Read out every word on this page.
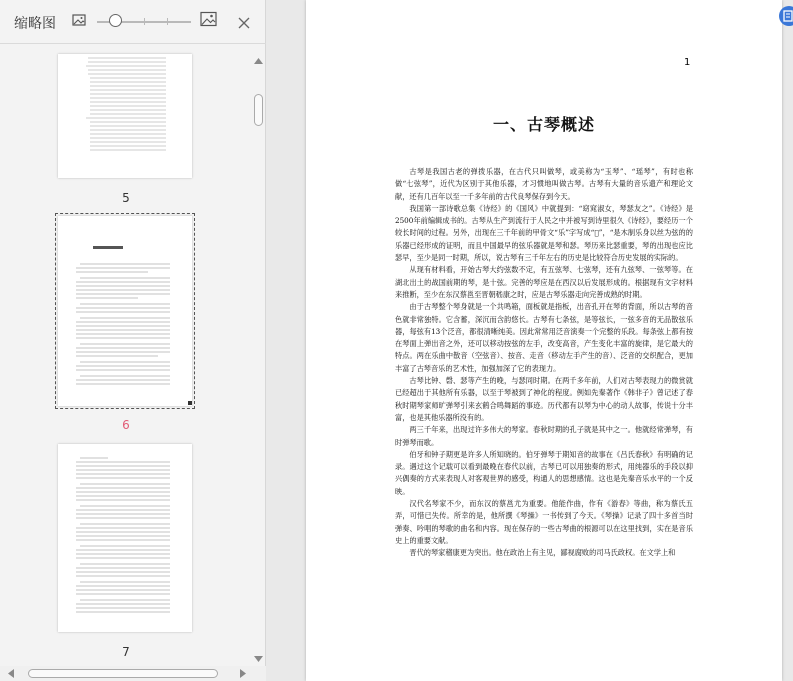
缩略图
5
6
7
1
一、古琴概述

古琴是我国古老的弹拨乐器，在古代只叫做琴，或美称为“玉琴”、“瑶琴”，有时也称做“七弦琴”，近代为区别于其他乐器，才习惯地叫做古琴。古琴有大量的音乐遗产和理论文献，还有几百年以至一千多年前的古代良琴保存到今天。

我国第一部诗歌总集《诗经》的《国风》中就提到：“窈窕淑女，琴瑟友之”。《诗经》是2500年前编辑成书的。古琴从生产到流行于人民之中并被写到诗里很久《诗经》，要经历一个较长时间的过程。另外，出现在三千年前的甲骨文“乐”字写成“𫞍”，“是木制乐身以丝为弦的的乐器已经形成的证明，而且中国最早的弦乐器就是琴和瑟。琴历来比瑟重要，琴的出现也应比瑟早，至少是同一时期，所以，说古琴有三千年左右的历史是比较符合历史发展的实际的。

从现有材料看，开始古琴大约弦数不定，有五弦琴、七弦琴，还有九弦琴、一弦琴等。在湖北出土的战国前期的琴，是十弦。完善的琴应是在西汉以后发展形成的。根据现有文字材料来推断，至少在东汉蔡邕至晋朝嵇康之时，应是古琴乐器走向完善成熟的时期。

由于古琴整个琴身就是一个共鸣箱，面板就是指板，出音孔开在琴的背面，所以古琴的音色就非常独特。它含蓄，深沉而含韵悠长。古琴有七条弦，是等弦长，一弦多音的无品散弦乐器，每弦有13个泛音，都很清晰纯美。因此常常用泛音演奏一个完整的乐段。每条弦上都有按在琴面上弹出音之外，还可以移动按弦的左手，改变高音，产生变化丰富的旋律，是它最大的特点。两在乐曲中散音（空弦音）、按音、走音（移动左手产生的音）、泛音的交织配合，更加丰富了古琴音乐的艺术性，加强加深了它的表现力。

古琴比钟、磬、瑟等产生的晚，与瑟同时期。在两千多年前，人们对古琴表现力的微赏就已经超出于其他所有乐器，以至于琴被到了神化的程度。例如先秦著作《韩非子》曾记述了春秋时期琴家师旷弹琴引来玄鹤合鸣舞蹈的事迹。历代都有以琴为中心的动人故事，传说十分丰富，也是其他乐器所没有的。

两三千年来，出现过许多伟大的琴家。春秋时期的孔子就是其中之一。他就经常弹琴，有时弹琴而歌。

伯牙和钟子期更是许多人所知晓的。伯牙弹琴于期知音的故事在《吕氏春秋》有明确的记录。遇过这个记载可以看到最晚在春代以前，古琴已可以用独奏的形式，用纯器乐的手段以抑兴偶奏的方式来表现人对客观世界的感受，构通人的思想感情。这也是先秦音乐水平的一个反映。

汉代名琴家不少，而东汉的蔡邕尤为重要。他能作曲，作有《游春》等曲，称为蔡氏五弄，可惜已失传。所幸的是，他所撰《琴操》一书传到了今天。《琴操》记录了四十多首当时弹奏、吟唱的琴歌的曲名和内容。现在保存的一些古琴曲的根源可以在这里找到，实在是音乐史上的重要文献。

晋代的琴家稽康更为突出。他在政治上有主见，鄙视腐败的司马氏政权。在文学上和
